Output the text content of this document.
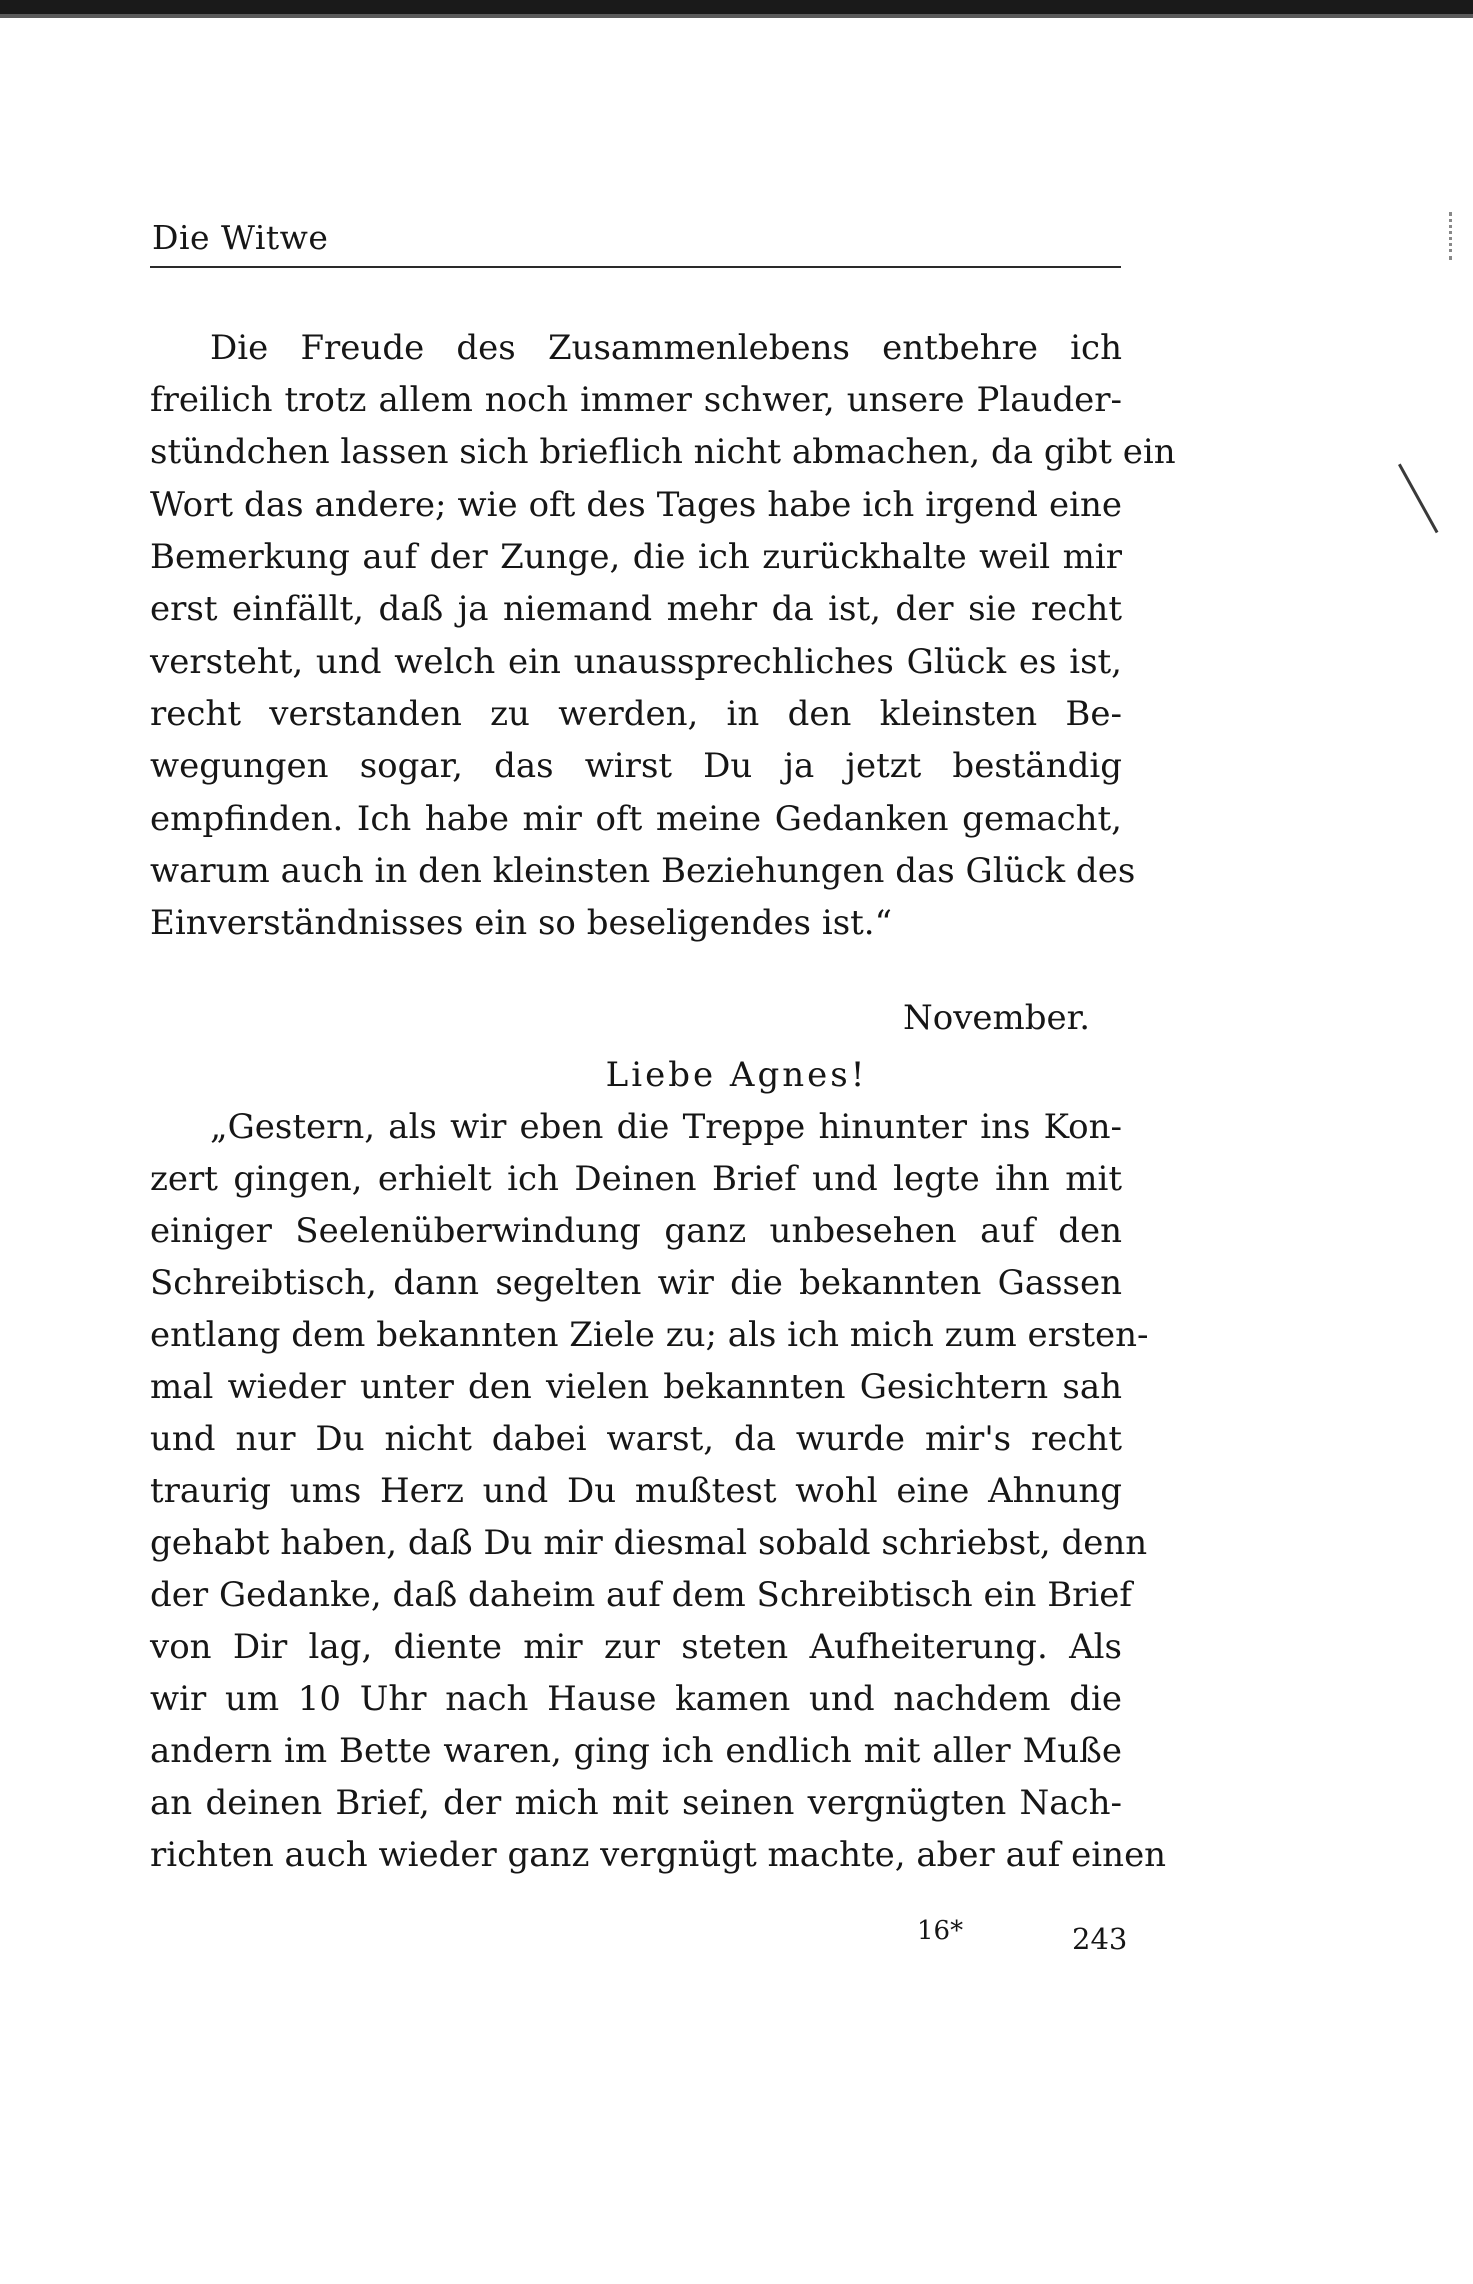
Die Witwe
Die Freude des Zusammenlebens entbehre ich
freilich trotz allem noch immer schwer, unsere Plauder-
stündchen lassen sich brieflich nicht abmachen, da gibt ein
Wort das andere; wie oft des Tages habe ich irgend eine
Bemerkung auf der Zunge, die ich zurückhalte weil mir
erst einfällt, daß ja niemand mehr da ist, der sie recht
versteht, und welch ein unaussprechliches Glück es ist,
recht verstanden zu werden, in den kleinsten Be-
wegungen sogar, das wirst Du ja jetzt beständig
empfinden. Ich habe mir oft meine Gedanken gemacht,
warum auch in den kleinsten Beziehungen das Glück des
Einverständnisses ein so beseligendes ist.“
November.
Liebe Agnes!
„Gestern, als wir eben die Treppe hinunter ins Kon-
zert gingen, erhielt ich Deinen Brief und legte ihn mit
einiger Seelenüberwindung ganz unbesehen auf den
Schreibtisch, dann segelten wir die bekannten Gassen
entlang dem bekannten Ziele zu; als ich mich zum ersten-
mal wieder unter den vielen bekannten Gesichtern sah
und nur Du nicht dabei warst, da wurde mir's recht
traurig ums Herz und Du mußtest wohl eine Ahnung
gehabt haben, daß Du mir diesmal sobald schriebst, denn
der Gedanke, daß daheim auf dem Schreibtisch ein Brief
von Dir lag, diente mir zur steten Aufheiterung. Als
wir um 10 Uhr nach Hause kamen und nachdem die
andern im Bette waren, ging ich endlich mit aller Muße
an deinen Brief, der mich mit seinen vergnügten Nach-
richten auch wieder ganz vergnügt machte, aber auf einen
16*	243
